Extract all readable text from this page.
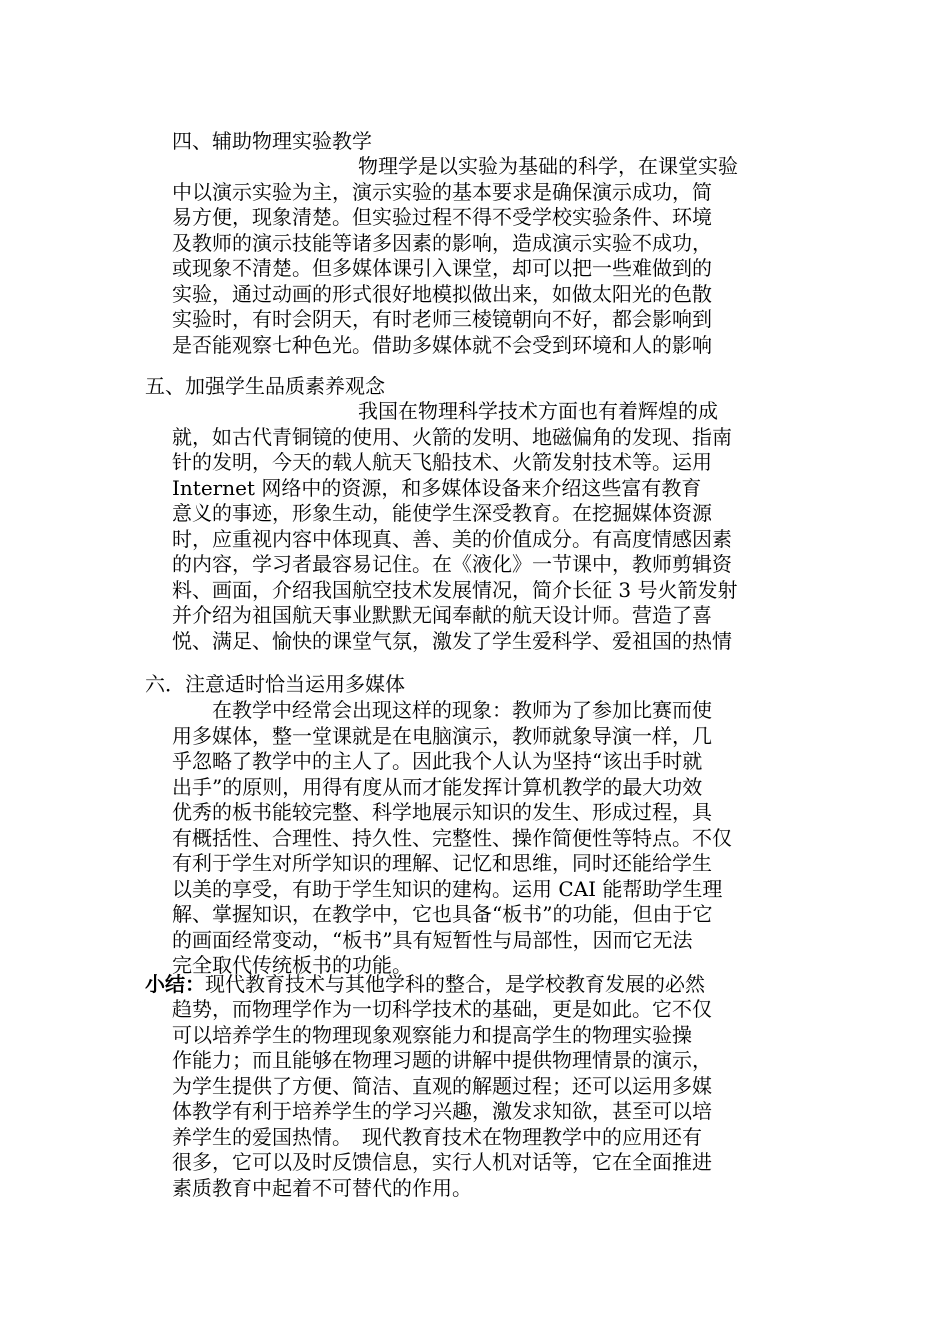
四、辅助物理实验教学
物理学是以实验为基础的科学，在课堂实验
中以演示实验为主，演示实验的基本要求是确保演示成功，简
易方便，现象清楚。但实验过程不得不受学校实验条件、环境
及教师的演示技能等诸多因素的影响，造成演示实验不成功，
或现象不清楚。但多媒体课引入课堂，却可以把一些难做到的
实验，通过动画的形式很好地模拟做出来，如做太阳光的色散
实验时，有时会阴天，有时老师三棱镜朝向不好，都会影响到
是否能观察七种色光。借助多媒体就不会受到环境和人的影响
五、加强学生品质素养观念
我国在物理科学技术方面也有着辉煌的成
就，如古代青铜镜的使用、火箭的发明、地磁偏角的发现、指南
针的发明，今天的载人航天飞船技术、火箭发射技术等。运用
Internet 网络中的资源，和多媒体设备来介绍这些富有教育
意义的事迹，形象生动，能使学生深受教育。在挖掘媒体资源
时，应重视内容中体现真、善、美的价值成分。有高度情感因素
的内容，学习者最容易记住。在《液化》一节课中，教师剪辑资
料、画面，介绍我国航空技术发展情况，简介长征 3 号火箭发射
并介绍为祖国航天事业默默无闻奉献的航天设计师。营造了喜
悦、满足、愉快的课堂气氛，激发了学生爱科学、爱祖国的热情
六．注意适时恰当运用多媒体
在教学中经常会出现这样的现象：教师为了参加比赛而使
用多媒体，整一堂课就是在电脑演示，教师就象导演一样，几
乎忽略了教学中的主人了。因此我个人认为坚持“该出手时就
出手”的原则，用得有度从而才能发挥计算机教学的最大功效
优秀的板书能较完整、科学地展示知识的发生、形成过程，具
有概括性、合理性、持久性、完整性、操作简便性等特点。不仅
有利于学生对所学知识的理解、记忆和思维，同时还能给学生
以美的享受，有助于学生知识的建构。运用 CAI 能帮助学生理
解、掌握知识，在教学中，它也具备“板书”的功能，但由于它
的画面经常变动，“板书”具有短暂性与局部性，因而它无法
完全取代传统板书的功能。
小结：现代教育技术与其他学科的整合，是学校教育发展的必然
趋势，而物理学作为一切科学技术的基础，更是如此。它不仅
可以培养学生的物理现象观察能力和提高学生的物理实验操
作能力；而且能够在物理习题的讲解中提供物理情景的演示，
为学生提供了方便、简洁、直观的解题过程；还可以运用多媒
体教学有利于培养学生的学习兴趣，激发求知欲，甚至可以培
养学生的爱国热情。　现代教育技术在物理教学中的应用还有
很多，它可以及时反馈信息，实行人机对话等，它在全面推进
素质教育中起着不可替代的作用。
